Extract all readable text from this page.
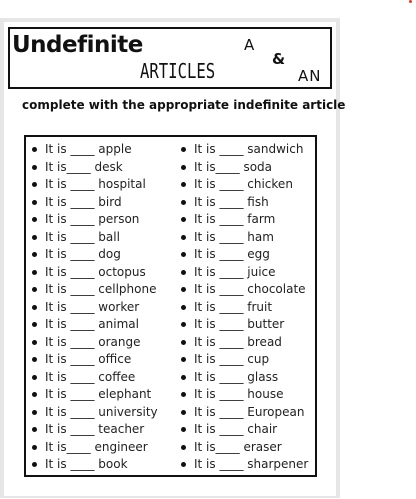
Undefinite
ARTICLES
A
&
AN
complete with the appropriate indefinite article
It is ____ apple
It is____ desk
It is ____ hospital
It is ____ bird
It is ____ person
It is ____ ball
It is ____ dog
It is ____ octopus
It is ____ cellphone
It is ____ worker
It is ____ animal
It is ____ orange
It is ____ office
It is ____ coffee
It is ____ elephant
It is ____ university
It is ____ teacher
It is____ engineer
It is ____ book
It is ____ sandwich
It is____ soda
It is ____ chicken
It is ____ fish
It is ____ farm
It is ____ ham
It is ____ egg
It is ____ juice
It is ____ chocolate
It is ____ fruit
It is ____ butter
It is ____ bread
It is ____ cup
It is ____ glass
It is ____ house
It is ____ European
It is ____ chair
It is____ eraser
It is ____ sharpener
